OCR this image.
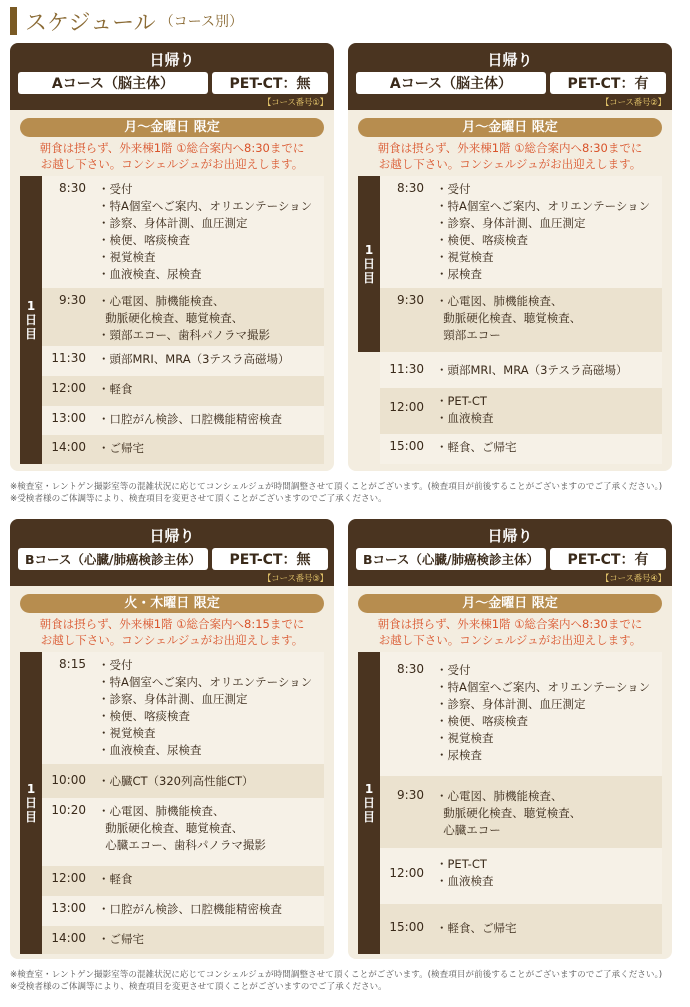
スケジュール （コース別）
日帰り
Aコース（脳主体）	PET-CT：無
【コース番号①】
月～金曜日 限定
朝食は摂らず、外来棟1階 ①総合案内へ8:30までに
お越し下さい。コンシェルジュがお出迎えします。
1
日
目
8:30	・受付
・特A個室へご案内、オリエンテーション
・診察、身体計測、血圧測定
・検便、喀痰検査
・視覚検査
・血液検査、尿検査
9:30	・心電図、肺機能検査、
動脈硬化検査、聴覚検査、
・頸部エコー、歯科パノラマ撮影
11:30	・頭部MRI、MRA（3テスラ高磁場）
12:00	・軽食
13:00	・口腔がん検診、口腔機能精密検査
14:00	・ご帰宅
日帰り
Aコース（脳主体）	PET-CT：有
【コース番号②】
月～金曜日 限定
朝食は摂らず、外来棟1階 ①総合案内へ8:30までに
お越し下さい。コンシェルジュがお出迎えします。
1
日
目
8:30	・受付
・特A個室へご案内、オリエンテーション
・診察、身体計測、血圧測定
・検便、喀痰検査
・視覚検査
・尿検査
9:30	・心電図、肺機能検査、
動脈硬化検査、聴覚検査、
頸部エコー
11:30	・頭部MRI、MRA（3テスラ高磁場）
12:00	・PET-CT
・血液検査
15:00	・軽食、ご帰宅
※検査室・レントゲン撮影室等の混雑状況に応じてコンシェルジュが時間調整させて頂くことがございます。(検査項目が前後することがございますのでご了承ください。)
※受検者様のご体調等により、検査項目を変更させて頂くことがございますのでご了承ください。
日帰り
Bコース（心臓/肺癌検診主体）	PET-CT：無
【コース番号③】
火・木曜日 限定
朝食は摂らず、外来棟1階 ①総合案内へ8:15までに
お越し下さい。コンシェルジュがお出迎えします。
1
日
目
8:15	・受付
・特A個室へご案内、オリエンテーション
・診察、身体計測、血圧測定
・検便、喀痰検査
・視覚検査
・血液検査、尿検査
10:00	・心臓CT（320列高性能CT）
10:20	・心電図、肺機能検査、
動脈硬化検査、聴覚検査、
心臓エコー、歯科パノラマ撮影
12:00	・軽食
13:00	・口腔がん検診、口腔機能精密検査
14:00	・ご帰宅
日帰り
Bコース（心臓/肺癌検診主体）	PET-CT：有
【コース番号④】
月～金曜日 限定
朝食は摂らず、外来棟1階 ①総合案内へ8:30までに
お越し下さい。コンシェルジュがお出迎えします。
1
日
目
8:30	・受付
・特A個室へご案内、オリエンテーション
・診察、身体計測、血圧測定
・検便、喀痰検査
・視覚検査
・尿検査
9:30	・心電図、肺機能検査、
動脈硬化検査、聴覚検査、
心臓エコー
12:00
・PET-CT
・血液検査
15:00	・軽食、ご帰宅
※検査室・レントゲン撮影室等の混雑状況に応じてコンシェルジュが時間調整させて頂くことがございます。(検査項目が前後することがございますのでご了承ください。)
※受検者様のご体調等により、検査項目を変更させて頂くことがございますのでご了承ください。
